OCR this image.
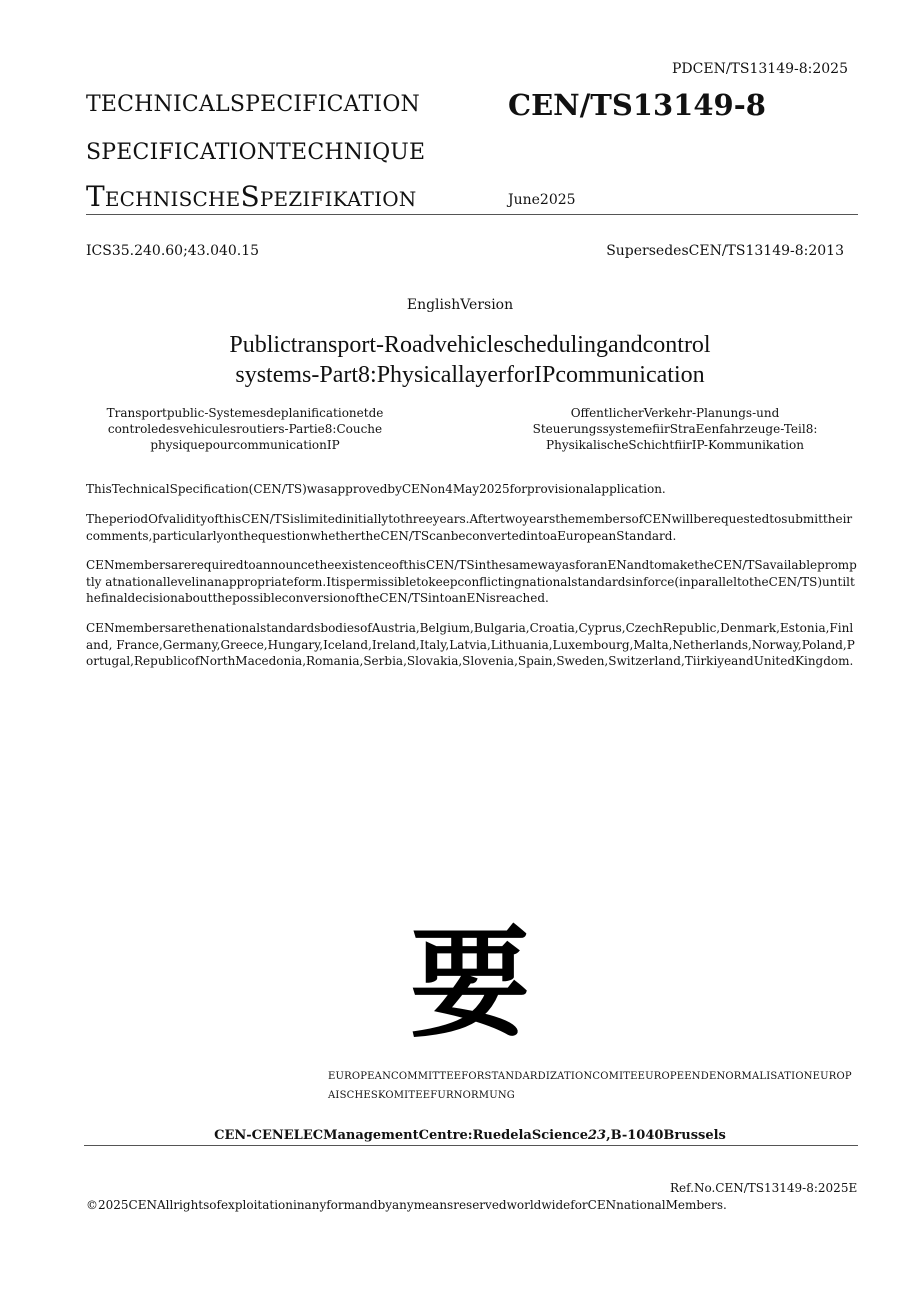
PDCEN/TS13149-8:2025
TECHNICALSPECIFICATION	CEN/TS13149-8
SPECIFICATIONTECHNIQUE
TechnischeSpezifikation	June2025
ICS35.240.60;43.040.15	SupersedesCEN/TS13149-8:2013
EnglishVersion
Publictransport-Roadvehicleschedulingandcontrol
systems-Part8:PhysicallayerforIPcommunication
Transportpublic-Systemesdeplanificationetde controledesvehiculesroutiers-Partie8:Couche physiquepourcommunicationIP
OffentlicherVerkehr-Planungs-und SteuerungssystemefiirStraEenfahrzeuge-Teil8: PhysikalischeSchichtfiirIP-Kommunikation
ThisTechnicalSpecification(CEN/TS)wasapprovedbyCENon4May2025forprovisionalapplication.
TheperiodOfvalidityofthisCEN/TSislimitedinitiallytothreeyears.AftertwoyearsthemembersofCENwillberequestedtosubmittheircomments,particularlyonthequestionwhethertheCEN/TScanbeconvertedintoaEuropeanStandard.
CENmembersarerequiredtoannouncetheexistenceofthisCEN/TSinthesamewayasforanENandtomaketheCEN/TSavailablepromptly atnationallevelinanappropriateform.Itispermissibletokeepconflictingnationalstandardsinforce(inparalleltotheCEN/TS)untilthefinaldecisionaboutthepossibleconversionoftheCEN/TSintoanENisreached.
CENmembersarethenationalstandardsbodiesofAustria,Belgium,Bulgaria,Croatia,Cyprus,CzechRepublic,Denmark,Estonia,Finland, France,Germany,Greece,Hungary,Iceland,Ireland,Italy,Latvia,Lithuania,Luxembourg,Malta,Netherlands,Norway,Poland,Portugal,RepublicofNorthMacedonia,Romania,Serbia,Slovakia,Slovenia,Spain,Sweden,Switzerland,TiirkiyeandUnitedKingdom.
要
EUROPEANCOMMITTEEFORSTANDARDIZATIONCOMITEEUROPEENDENORMALISATIONEUROPAISCHESKOMITEEFURNORMUNG
CEN-CENELECManagementCentre:RuedelaScience23,B-1040Brussels
Ref.No.CEN/TS13149-8:2025E
©2025CENAllrightsofexploitationinanyformandbyanymeansreservedworldwideforCENnationalMembers.
